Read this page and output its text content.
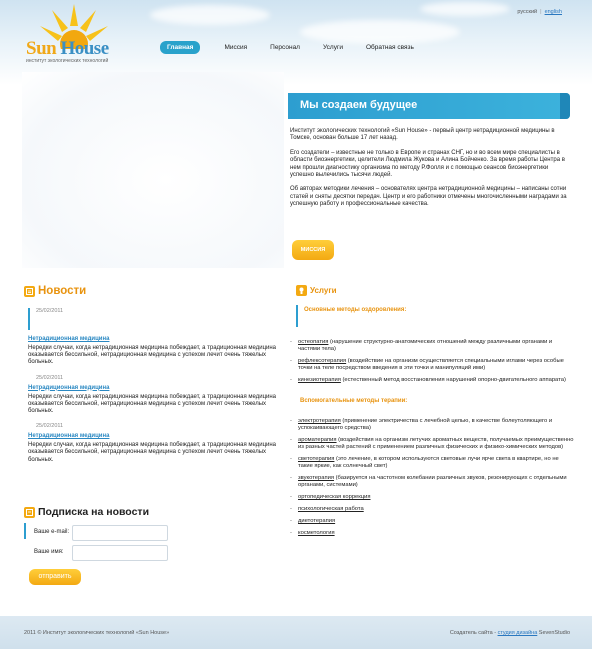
Sun House
институт экологических технологий
русский | english
Главная	Миссия	Персонал	Услуги	Обратная связь
Мы создаем будущее

Институт экологических технологий «Sun House» - первый центр нетрадиционной медицины в Томске, основан больше 17 лет назад.

Его создатели – известные не только в Европе и странах СНГ, но и во всем мире специалисты в области биоэнергетики, целители Людмила Жукова и Алина Бойченко. За время работы Центра в нем прошли диагностику организма по методу Р.Фолля и с помощью сеансов биоэнергетики успешно вылечились тысячи людей.

Об авторах методики лечения – основателях центра нетрадиционной медицины – написаны сотни статей и сняты десятки передач. Центр и его работники отмечены многочисленными наградами за успешную работу и профессиональные качества.

МИССИЯ
Новости
25/02/2011
Нетрадиционная медицина
Нередки случаи, когда нетрадиционная медицина побеждает, а традиционная медицина оказывается бессильной, нетрадиционная медицина с успехом лечит очень тяжелых больных.
25/02/2011
Нетрадиционная медицина
Нередки случаи, когда нетрадиционная медицина побеждает, а традиционная медицина оказывается бессильной, нетрадиционная медицина с успехом лечит очень тяжелых больных.
25/02/2011
Нетрадиционная медицина
Нередки случаи, когда нетрадиционная медицина побеждает, а традиционная медицина оказывается бессильной, нетрадиционная медицина с успехом лечит очень тяжелых больных.
Подписка на новости
Ваше e-mail:
Ваше имя:
отправить
Услуги
Основные методы оздоровления:
- остеопатия (нарушение структурно-анатомических отношений между различными органами и частями тела)
- рефлексотерапия (воздействие на организм осуществляется специальными иглами через особые точки на теле посредством введения в эти точки и манипуляций ими)
- кинезиотерапия (естественный метод восстановления нарушений опорно-двигательного аппарата)
Вспомогательные методы терапии:
- электротерапия (применение электричества с лечебной целью, в качестве болеутоляющего и успокаивающего средства)
- ароматерапия (воздействия на организм летучих ароматных веществ, получаемых преимущественно из разных частей растений с применением различных физических и физико-химических методов)
- светотерапия (это лечение, в котором используются световые лучи ярче света в квартире, но не такие яркие, как солнечный свет)
- звукотерапия (базируется на частотном колебании различных звуков, резонирующих с отдельными органами, системами)
- ортопедическая коррекция
- психологическая работа
- диетотерапия
- косметология
2011 © Институт экологических технологий «Sun House»	Создатель сайта - студия дизайна SevenStudio
